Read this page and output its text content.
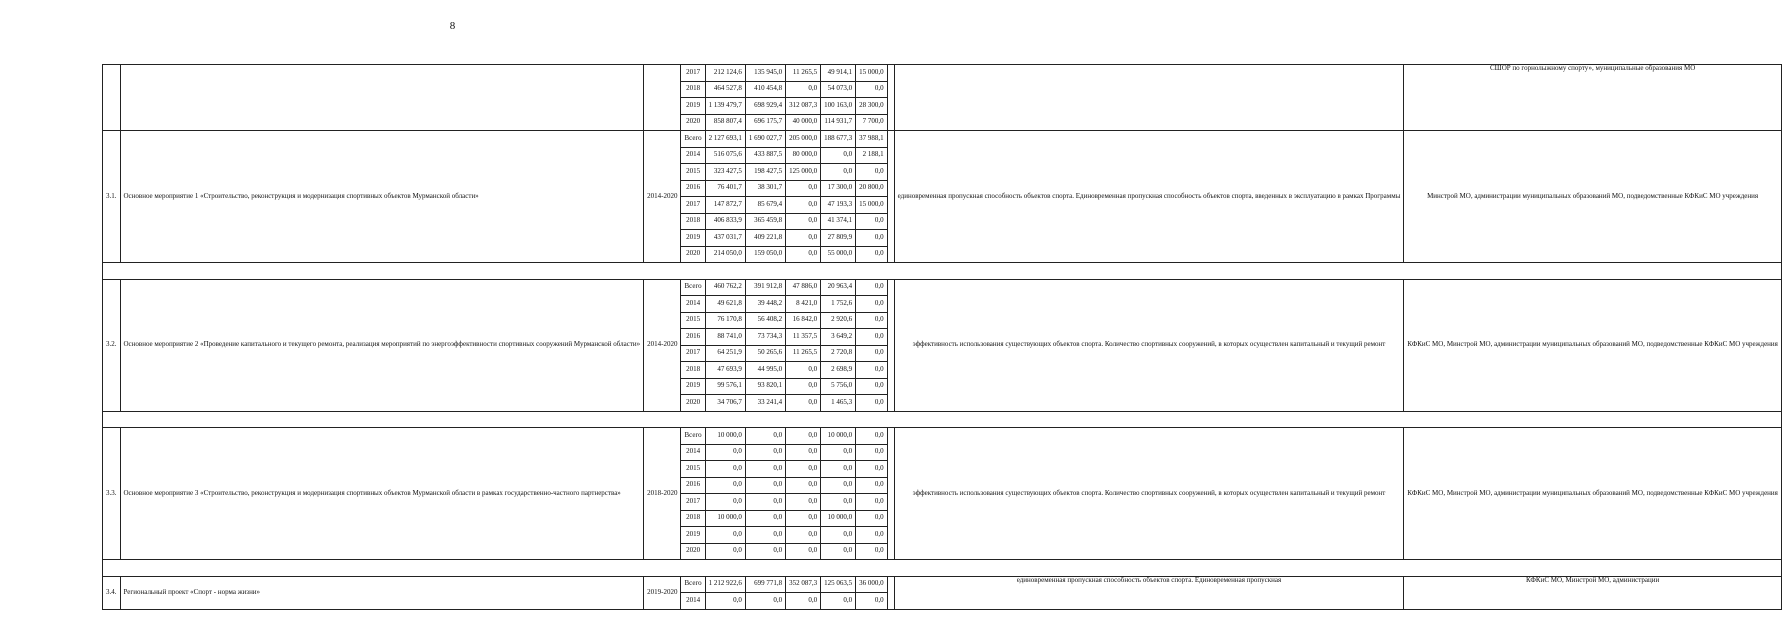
8
			2017	212 124,6	135 945,0	11 265,5	49 914,1	15 000,0			СШОР по горнолыжному спорту», муниципальные образования МО
			2018	464 527,8	410 454,8	0,0	54 073,0	0,0			
			2019	1 139 479,7	698 929,4	312 087,3	100 163,0	28 300,0			
			2020	858 807,4	696 175,7	40 000,0	114 931,7	7 700,0			
3.1.	Основное мероприятие 1 «Строительство, реконструкция и модернизация спортивных объектов Мурманской области»	2014-2020	Всего	2 127 693,1	1 690 027,7	205 000,0	188 677,3	37 988,1		единовременная пропускная способность объектов спорта. Единовременная пропускная способность объектов спорта, введенных в эксплуатацию в рамках Программы	Минстрой МО, администрации муниципальных образований МО, подведомственные КФКиС МО учреждения
			2014	516 075,6	433 887,5	80 000,0	0,0	2 188,1			
			2015	323 427,5	198 427,5	125 000,0	0,0	0,0			
			2016	76 401,7	38 301,7	0,0	17 300,0	20 800,0			
			2017	147 872,7	85 679,4	0,0	47 193,3	15 000,0			
			2018	406 833,9	365 459,8	0,0	41 374,1	0,0			
			2019	437 031,7	409 221,8	0,0	27 809,9	0,0			
			2020	214 050,0	159 050,0	0,0	55 000,0	0,0			

3.2.	Основное мероприятие 2 «Проведение капитального и текущего ремонта, реализация мероприятий по энергоэффективности спортивных сооружений Мурманской области»	2014-2020	Всего	460 762,2	391 912,8	47 886,0	20 963,4	0,0		эффективность использования существующих объектов спорта. Количество спортивных сооружений, в которых осуществлен капитальный и текущий ремонт	КФКиС МО, Минстрой МО, администрации муниципальных образований МО, подведомственные КФКиС МО учреждения
			2014	49 621,8	39 448,2	8 421,0	1 752,6	0,0			
			2015	76 170,8	56 408,2	16 842,0	2 920,6	0,0			
			2016	88 741,0	73 734,3	11 357,5	3 649,2	0,0			
			2017	64 251,9	50 265,6	11 265,5	2 720,8	0,0			
			2018	47 693,9	44 995,0	0,0	2 698,9	0,0			
			2019	99 576,1	93 820,1	0,0	5 756,0	0,0			
			2020	34 706,7	33 241,4	0,0	1 465,3	0,0			

3.3.	Основное мероприятие 3 «Строительство, реконструкция и модернизация спортивных объектов Мурманской области в рамках государственно-частного партнерства»	2018-2020	Всего	10 000,0	0,0	0,0	10 000,0	0,0		эффективность использования существующих объектов спорта. Количество спортивных сооружений, в которых осуществлен капитальный и текущий ремонт	КФКиС МО, Минстрой МО, администрации муниципальных образований МО, подведомственные КФКиС МО учреждения
			2014	0,0	0,0	0,0	0,0	0,0			
			2015	0,0	0,0	0,0	0,0	0,0			
			2016	0,0	0,0	0,0	0,0	0,0			
			2017	0,0	0,0	0,0	0,0	0,0			
			2018	10 000,0	0,0	0,0	10 000,0	0,0			
			2019	0,0	0,0	0,0	0,0	0,0			
			2020	0,0	0,0	0,0	0,0	0,0			

3.4.	Региональный проект «Спорт - норма жизни»	2019-2020	Всего	1 212 922,6	699 771,8	352 087,3	125 063,5	36 000,0		единовременная пропускная способность объектов спорта. Единовременная пропускная	КФКиС МО, Минстрой МО, администрации
			2014	0,0	0,0	0,0	0,0	0,0			
